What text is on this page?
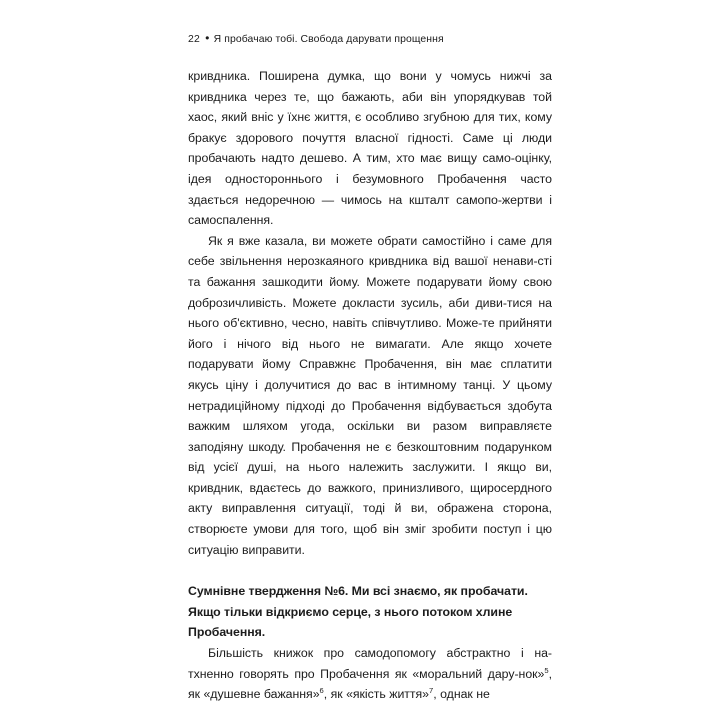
22 ● Я пробачаю тобі. Свобода дарувати прощення

кривдника. Поширена думка, що вони у чомусь нижчі за кривдника через те, що бажають, аби він упорядкував той хаос, який вніс у їхнє життя, є особливо згубною для тих, кому бракує здорового почуття власної гідності. Саме ці люди пробачають надто дешево. А тим, хто має вищу само-оцінку, ідея одностороннього і безумовного Пробачення часто здається недоречною — чимось на кшталт самопо-жертви і самоспалення.

Як я вже казала, ви можете обрати самостійно і саме для себе звільнення нерозкаяного кривдника від вашої ненави-сті та бажання зашкодити йому. Можете подарувати йому свою доброзичливість. Можете докласти зусиль, аби диви-тися на нього об'єктивно, чесно, навіть співчутливо. Може-те прийняти його і нічого від нього не вимагати. Але якщо хочете подарувати йому Справжнє Пробачення, він має сплатити якусь ціну і долучитися до вас в інтимному танці. У цьому нетрадиційному підході до Пробачення відбувається здобута важким шляхом угода, оскільки ви разом виправляєте заподіяну шкоду. Пробачення не є безкоштовним подарунком від усієї душі, на нього належить заслужити. І якщо ви, кривдник, вдаєтесь до важкого, принизливого, щиросердного акту виправлення ситуації, тоді й ви, ображена сторона, створюєте умови для того, щоб він зміг зробити поступ і цю ситуацію виправити.

Сумнівне твердження №6. Ми всі знаємо, як пробачати. Якщо тільки відкриємо серце, з нього потоком хлине Пробачення.

Більшість книжок про самодопомогу абстрактно і на-тхненно говорять про Пробачення як «моральний дару-нок»$^5$, як «душевне бажання»$^6$, як «якість життя»$^7$, однак не
